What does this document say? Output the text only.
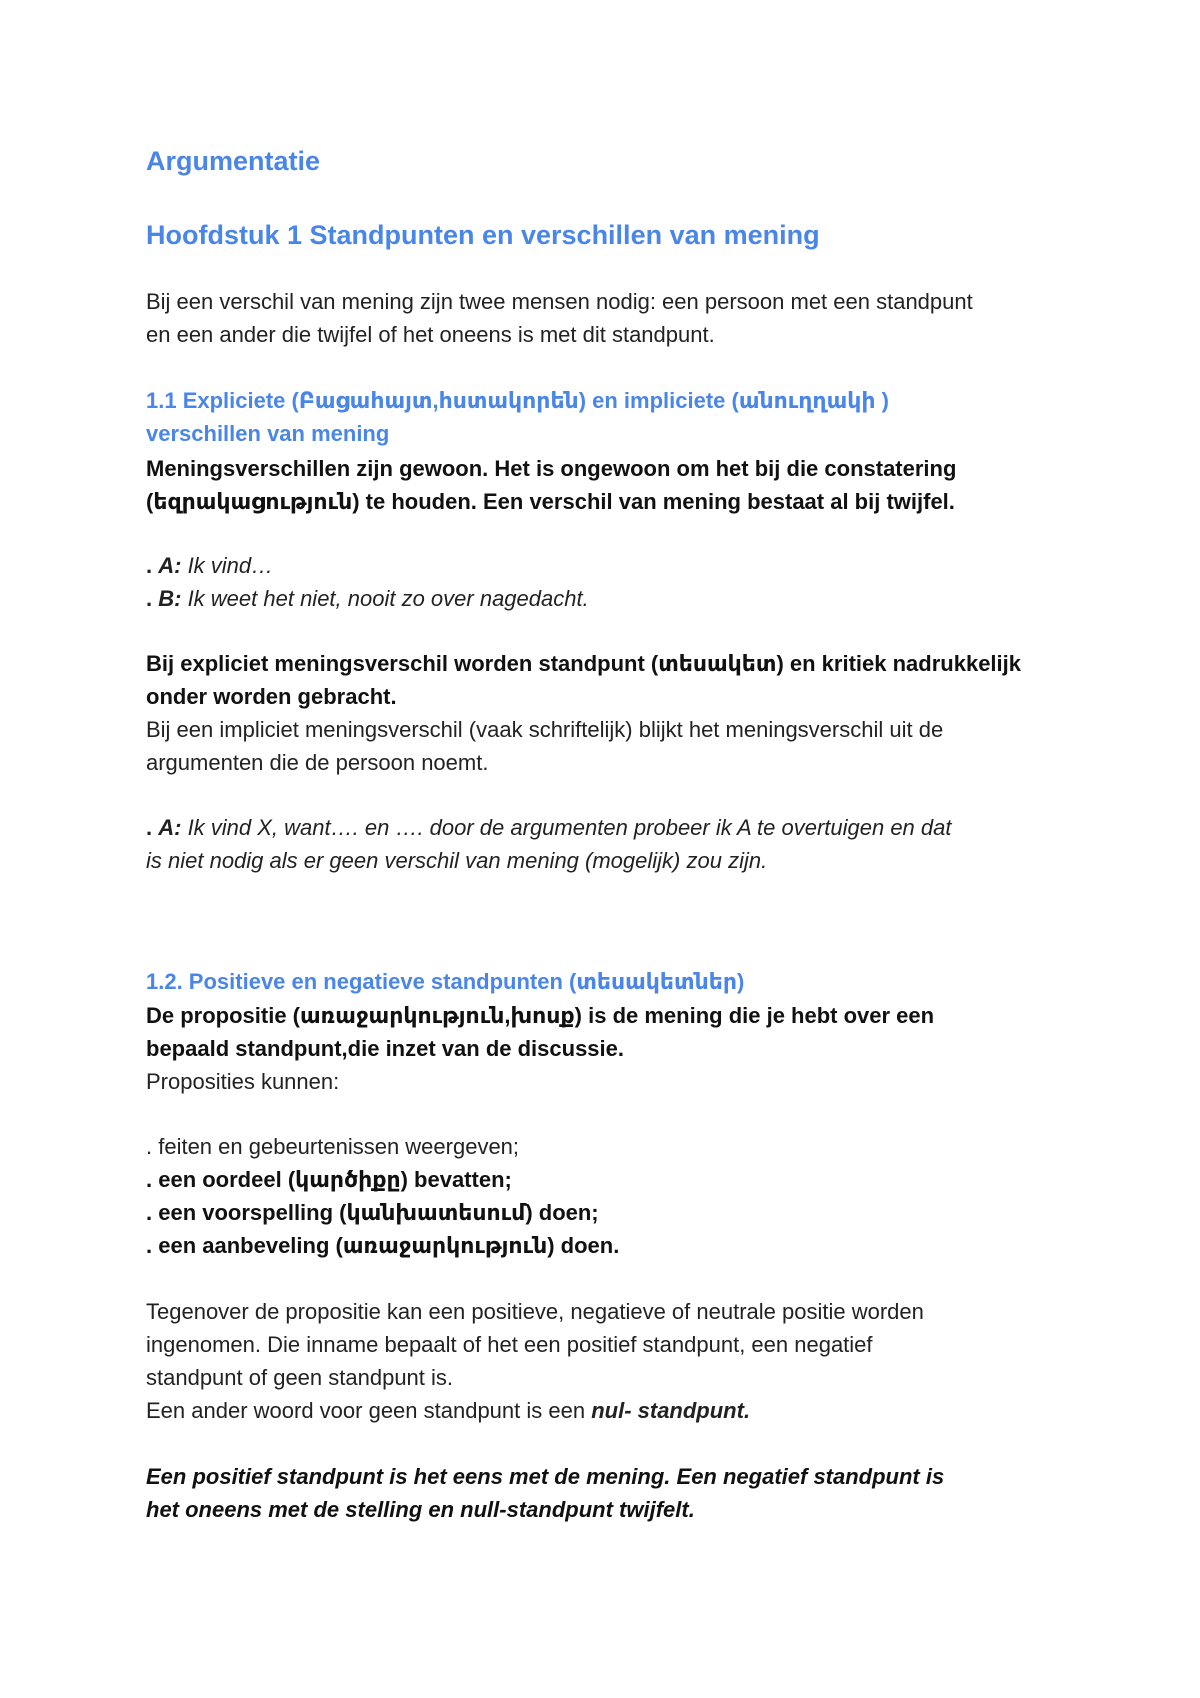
Argumentatie
Hoofdstuk 1 Standpunten en verschillen van mening
Bij een verschil van mening zijn twee mensen nodig: een persoon met een standpunt
en een ander die twijfel of het oneens is met dit standpunt.
1.1 Expliciete (Բացահայտ,հստակորեն) en impliciete (անուղղակի )
verschillen van mening
Meningsverschillen zijn gewoon. Het is ongewoon om het bij die constatering
(եզրակացություն) te houden. Een verschil van mening bestaat al bij twijfel.
. A: Ik vind…
. B: Ik weet het niet, nooit zo over nagedacht.
Bij expliciet meningsverschil worden standpunt (տեսակետ) en kritiek nadrukkelijk
onder worden gebracht.
Bij een impliciet meningsverschil (vaak schriftelijk) blijkt het meningsverschil uit de
argumenten die de persoon noemt.
. A: Ik vind X, want…. en …. door de argumenten probeer ik A te overtuigen en dat
is niet nodig als er geen verschil van mening (mogelijk) zou zijn.
1.2. Positieve en negatieve standpunten (տեսակետներ)
De propositie (առաջարկություն,խոսք) is de mening die je hebt over een
bepaald standpunt,die inzet van de discussie.
Proposities kunnen:
. feiten en gebeurtenissen weergeven;
. een oordeel (կարծիքը) bevatten;
. een voorspelling (կանխատեսում) doen;
. een aanbeveling (առաջարկություն) doen.
Tegenover de propositie kan een positieve, negatieve of neutrale positie worden
ingenomen. Die inname bepaalt of het een positief standpunt, een negatief
standpunt of geen standpunt is.
Een ander woord voor geen standpunt is een nul- standpunt.
Een positief standpunt is het eens met de mening. Een negatief standpunt is
het oneens met de stelling en null-standpunt twijfelt.
